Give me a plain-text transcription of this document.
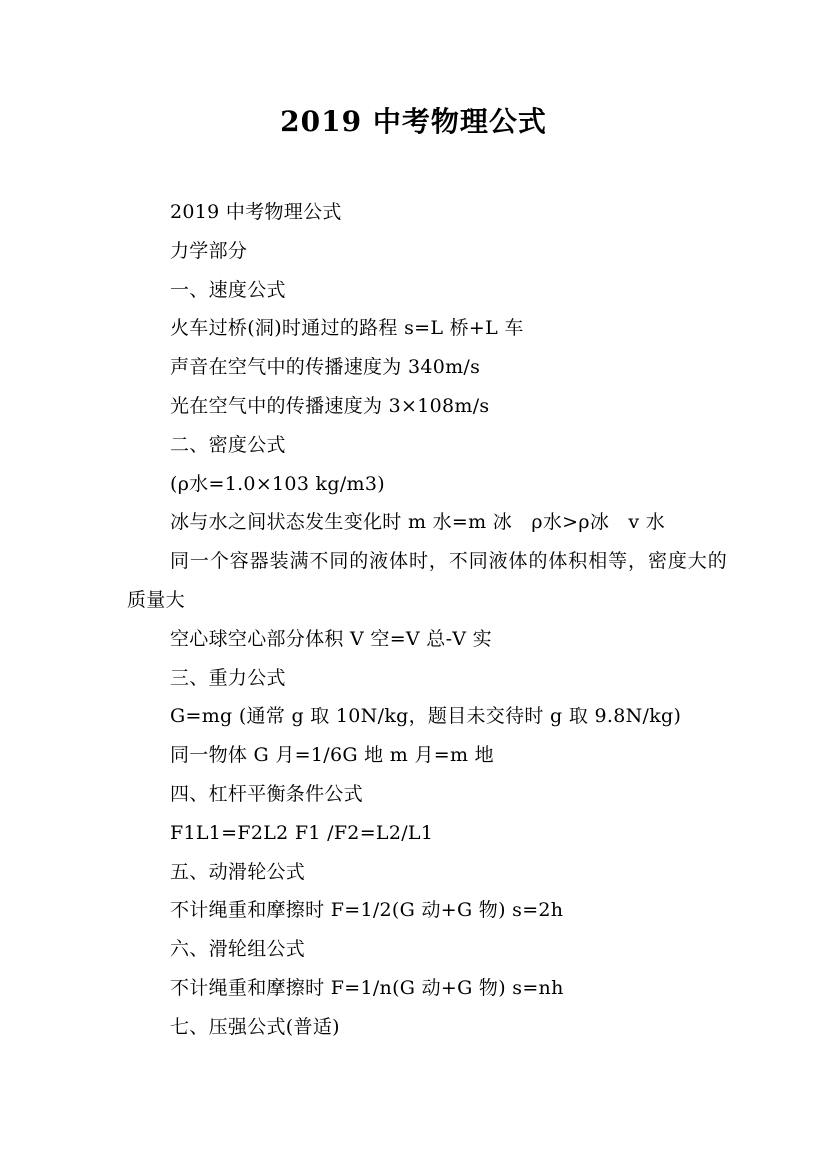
2019 中考物理公式

2019 中考物理公式

力学部分

一、速度公式

火车过桥(洞)时通过的路程 s=L 桥+L 车

声音在空气中的传播速度为 340m/s

光在空气中的传播速度为 3×108m/s

二、密度公式

(ρ水=1.0×103 kg/m3)

冰与水之间状态发生变化时 m 水=m 冰　ρ水>ρ冰　v 水

同一个容器装满不同的液体时，不同液体的体积相等，密度大的质量大

空心球空心部分体积 V 空=V 总-V 实

三、重力公式

G=mg (通常 g 取 10N/kg，题目未交待时 g 取 9.8N/kg)

同一物体 G 月=1/6G 地 m 月=m 地

四、杠杆平衡条件公式

F1L1=F2L2 F1 /F2=L2/L1

五、动滑轮公式

不计绳重和摩擦时 F=1/2(G 动+G 物) s=2h

六、滑轮组公式

不计绳重和摩擦时 F=1/n(G 动+G 物) s=nh

七、压强公式(普适)
